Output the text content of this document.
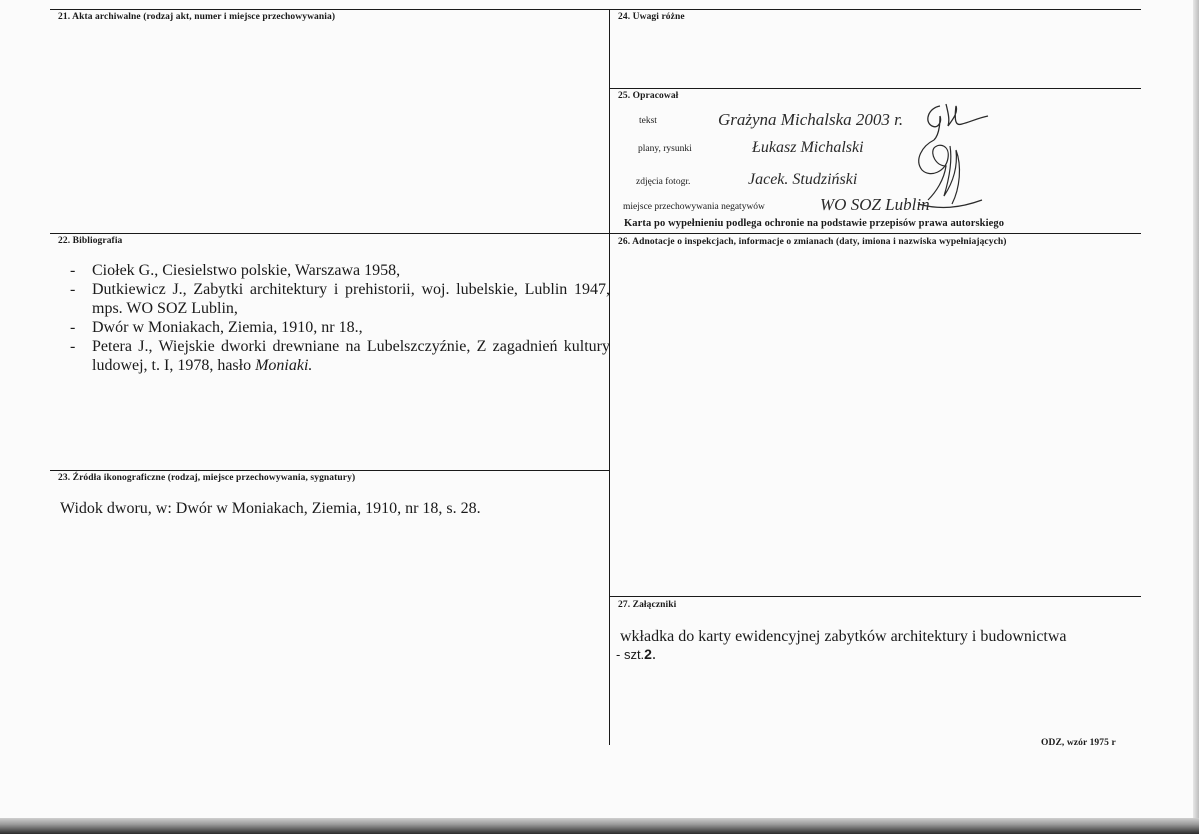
21. Akta archiwalne (rodzaj akt, numer i miejsce przechowywania)
22. Bibliografia
- Ciołek G., Ciesielstwo polskie, Warszawa 1958,
- Dutkiewicz J., Zabytki architektury i prehistorii, woj. lubelskie, Lublin 1947, mps. WO SOZ Lublin,
- Dwór w Moniakach, Ziemia, 1910, nr 18.,
- Petera J., Wiejskie dworki drewniane na Lubelszczyźnie, Z zagadnień kultury ludowej, t. I, 1978, hasło Moniaki.
23. Źródła ikonograficzne (rodzaj, miejsce przechowywania, sygnatury)
Widok dworu, w: Dwór w Moniakach, Ziemia, 1910, nr 18, s. 28.
24. Uwagi różne
25. Opracował
tekst	Grażyna Michalska 2003 r.
plany, rysunki	Łukasz Michalski
zdjęcia fotogr.	Jacek. Studziński
miejsce przechowywania negatywów	WO SOZ Lublin
Karta po wypełnieniu podlega ochronie na podstawie przepisów prawa autorskiego
26. Adnotacje o inspekcjach, informacje o zmianach (daty, imiona i nazwiska wypełniających)
27. Załączniki
wkładka do karty ewidencyjnej zabytków architektury i budownictwa
- szt.2.
ODZ, wzór 1975 r
